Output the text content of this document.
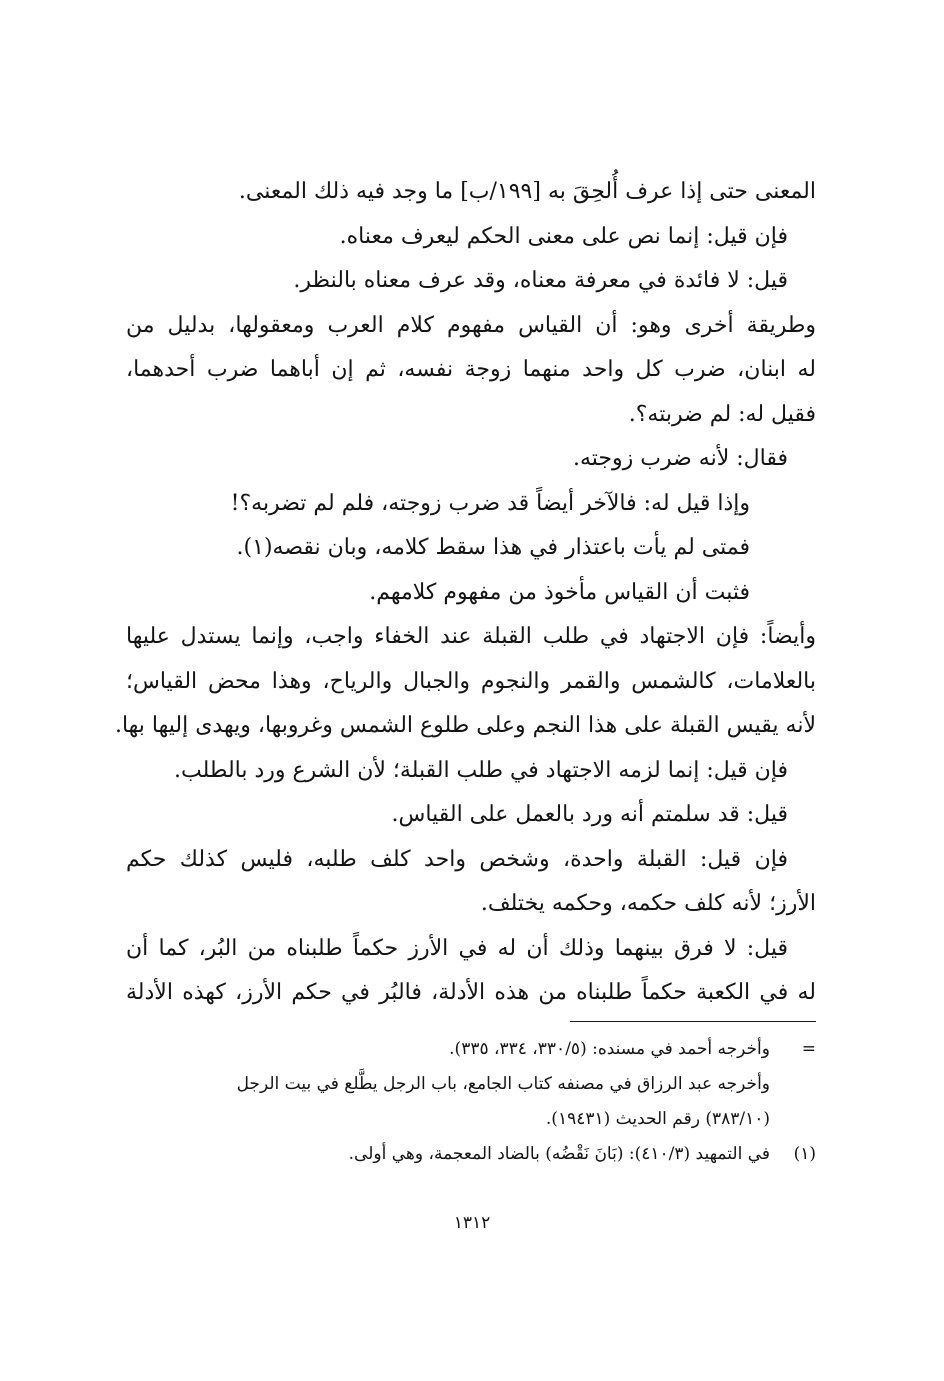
المعنى حتى إذا عرف أُلحِقَ به [١٩٩/ب] ما وجد فيه ذلك المعنى.
فإن قيل: إنما نص على معنى الحكم ليعرف معناه.
قيل: لا فائدة في معرفة معناه، وقد عرف معناه بالنظر.
وطريقة أخرى وهو: أن القياس مفهوم كلام العرب ومعقولها، بدليل من
له ابنان، ضرب كل واحد منهما زوجة نفسه، ثم إن أباهما ضرب أحدهما،
فقيل له: لم ضربته؟.
فقال: لأنه ضرب زوجته.
وإذا قيل له: فالآخر أيضاً قد ضرب زوجته، فلم لم تضربه؟!
فمتى لم يأت باعتذار في هذا سقط كلامه، وبان نقصه(١).
فثبت أن القياس مأخوذ من مفهوم كلامهم.
وأيضاً: فإن الاجتهاد في طلب القبلة عند الخفاء واجب، وإنما يستدل عليها
بالعلامات، كالشمس والقمر والنجوم والجبال والرياح، وهذا محض القياس؛
لأنه يقيس القبلة على هذا النجم وعلى طلوع الشمس وغروبها، ويهدى إليها بها.
فإن قيل: إنما لزمه الاجتهاد في طلب القبلة؛ لأن الشرع ورد بالطلب.
قيل: قد سلمتم أنه ورد بالعمل على القياس.
فإن قيل: القبلة واحدة، وشخص واحد كلف طلبه، فليس كذلك حكم
الأرز؛ لأنه كلف حكمه، وحكمه يختلف.
قيل: لا فرق بينهما وذلك أن له في الأرز حكماً طلبناه من البُر، كما أن
له في الكعبة حكماً طلبناه من هذه الأدلة، فالبُر في حكم الأرز، كهذه الأدلة
=وأخرجه أحمد في مسنده: (٣٣٠/٥، ٣٣٤، ٣٣٥).
وأخرجه عبد الرزاق في مصنفه كتاب الجامع، باب الرجل يطَّلع في بيت الرجل
(٣٨٣/١٠) رقم الحديث (١٩٤٣١).
(١)في التمهيد (٤١٠/٣): (بَانَ نَقْضُه) بالضاد المعجمة، وهي أولى.
١٣١٢
